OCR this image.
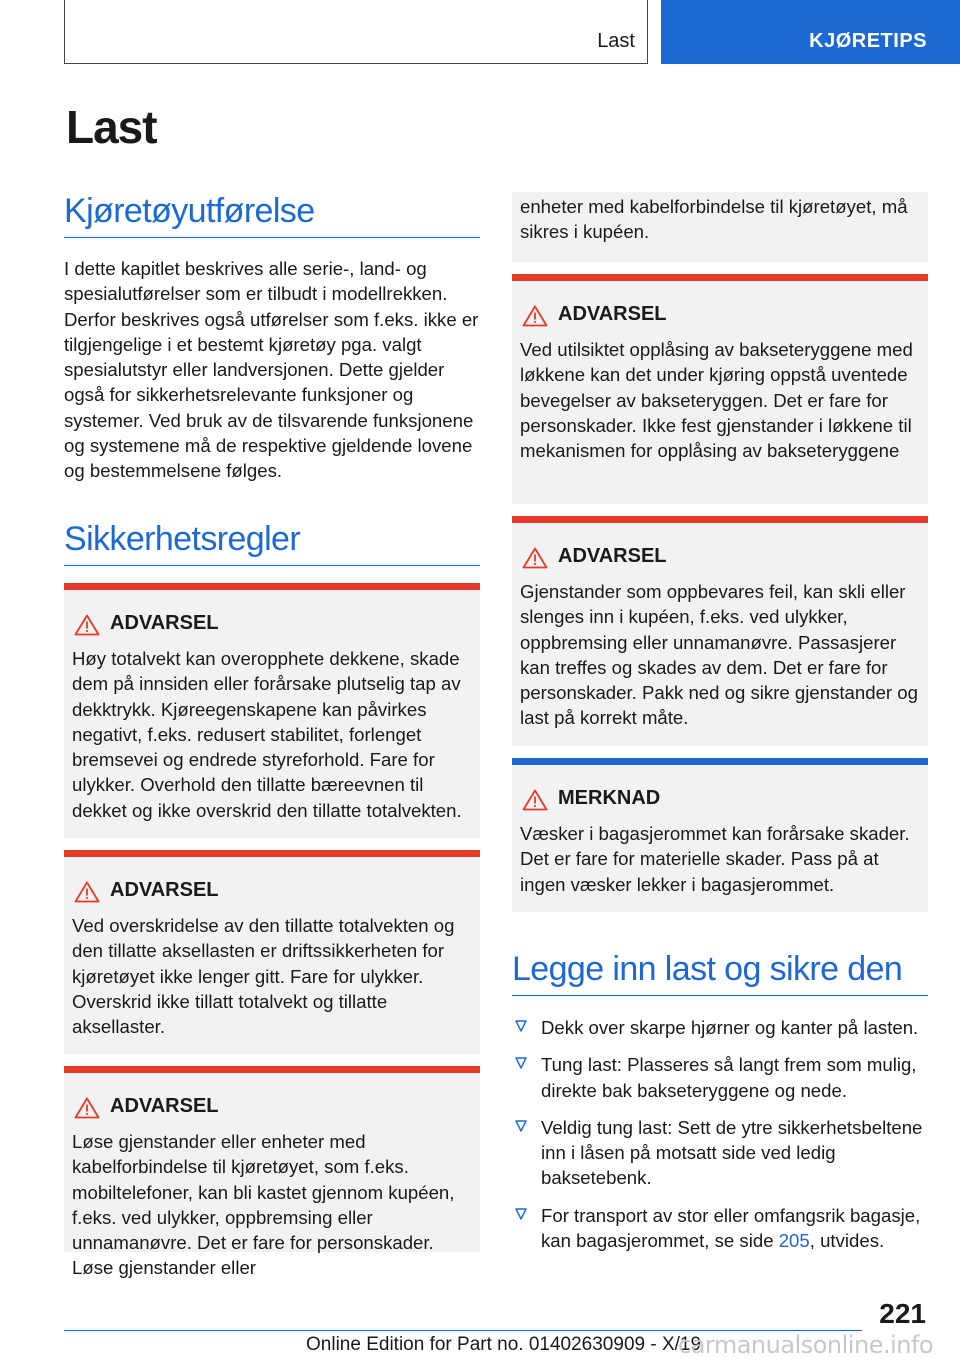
Last	KJØRETIPS
Last
Kjøretøyutførelse

I dette kapitlet beskrives alle serie-, land- og spesialutførelser som er tilbudt i modellrekken. Derfor beskrives også utførelser som f.eks. ikke er tilgjengelige i et bestemt kjøretøy pga. valgt spesialutstyr eller landversjonen. Dette gjelder også for sikkerhetsrelevante funksjoner og systemer. Ved bruk av de tilsvarende funksjonene og systemene må de respektive gjeldende lovene og bestemmelsene følges.

Sikkerhetsregler
ADVARSEL

Høy totalvekt kan overopphete dekkene, skade dem på innsiden eller forårsake plutselig tap av dekktrykk. Kjøreegenskapene kan påvirkes negativt, f.eks. redusert stabilitet, forlenget bremsevei og endrede styreforhold. Fare for ulykker. Overhold den tillatte bæreevnen til dekket og ikke overskrid den tillatte totalvekten.

ADVARSEL

Ved overskridelse av den tillatte totalvekten og den tillatte aksellasten er driftssikkerheten for kjøretøyet ikke lenger gitt. Fare for ulykker. Overskrid ikke tillatt totalvekt og tillatte aksellaster.

ADVARSEL

Løse gjenstander eller enheter med kabelforbindelse til kjøretøyet, som f.eks. mobiltelefoner, kan bli kastet gjennom kupéen, f.eks. ved ulykker, oppbremsing eller unnamanøvre. Det er fare for personskader. Løse gjenstander eller

enheter med kabelforbindelse til kjøretøyet, må sikres i kupéen.

ADVARSEL

Ved utilsiktet opplåsing av bakseteryggene med løkkene kan det under kjøring oppstå uventede bevegelser av bakseteryggen. Det er fare for personskader. Ikke fest gjenstander i løkkene til mekanismen for opplåsing av bakseteryggene

ADVARSEL

Gjenstander som oppbevares feil, kan skli eller slenges inn i kupéen, f.eks. ved ulykker, oppbremsing eller unnamanøvre. Passasjerer kan treffes og skades av dem. Det er fare for personskader. Pakk ned og sikre gjenstander og last på korrekt måte.

MERKNAD

Væsker i bagasjerommet kan forårsake skader. Det er fare for materielle skader. Pass på at ingen væsker lekker i bagasjerommet.

Legge inn last og sikre den
Dekk over skarpe hjørner og kanter på lasten.
Tung last: Plasseres så langt frem som mulig, direkte bak bakseteryggene og nede.
Veldig tung last: Sett de ytre sikkerhetsbeltene inn i låsen på motsatt side ved ledig baksetebenk.
For transport av stor eller omfangsrik bagasje, kan bagasjerommet, se side 205, utvides.
221
Online Edition for Part no. 01402630909 - X/19
carmanualsonline.info
